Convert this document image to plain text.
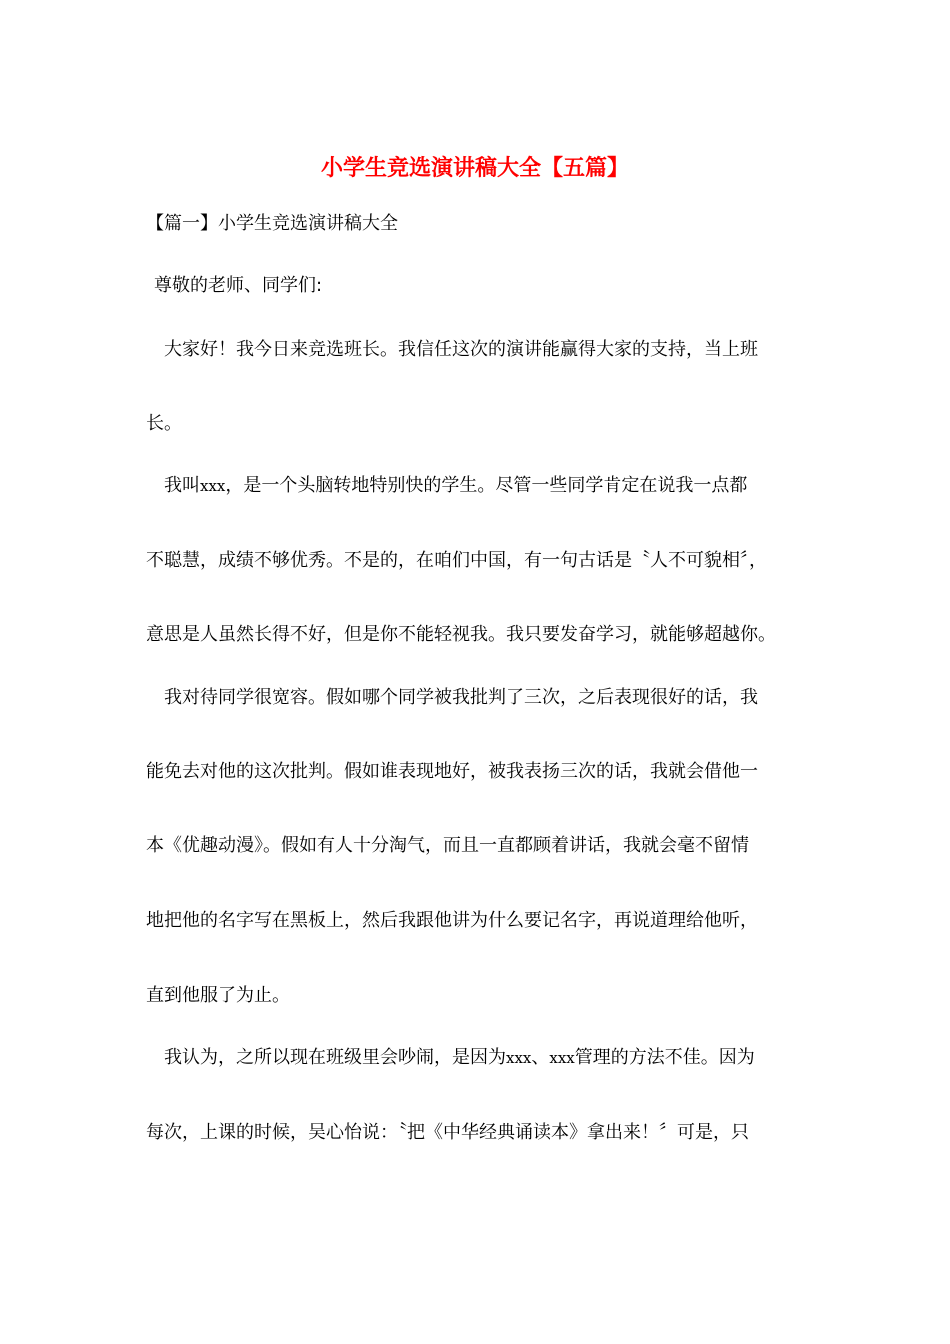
小学生竞选演讲稿大全【五篇】
【篇一】小学生竞选演讲稿大全
尊敬的老师、同学们:
大家好！我今日来竞选班长。我信任这次的演讲能赢得大家的支持，当上班
长。
我叫xxx，是一个头脑转地特别快的学生。尽管一些同学肯定在说我一点都
不聪慧，成绩不够优秀。不是的，在咱们中国，有一句古话是〝人不可貌相〞，
意思是人虽然长得不好，但是你不能轻视我。我只要发奋学习，就能够超越你。
我对待同学很宽容。假如哪个同学被我批判了三次，之后表现很好的话，我
能免去对他的这次批判。假如谁表现地好，被我表扬三次的话，我就会借他一
本《优趣动漫》。假如有人十分淘气，而且一直都顾着讲话，我就会毫不留情
地把他的名字写在黑板上，然后我跟他讲为什么要记名字，再说道理给他听，
直到他服了为止。
我认为，之所以现在班级里会吵闹，是因为xxx、xxx管理的方法不佳。因为
每次，上课的时候，吴心怡说：〝把《中华经典诵读本》拿出来！〞可是，只
